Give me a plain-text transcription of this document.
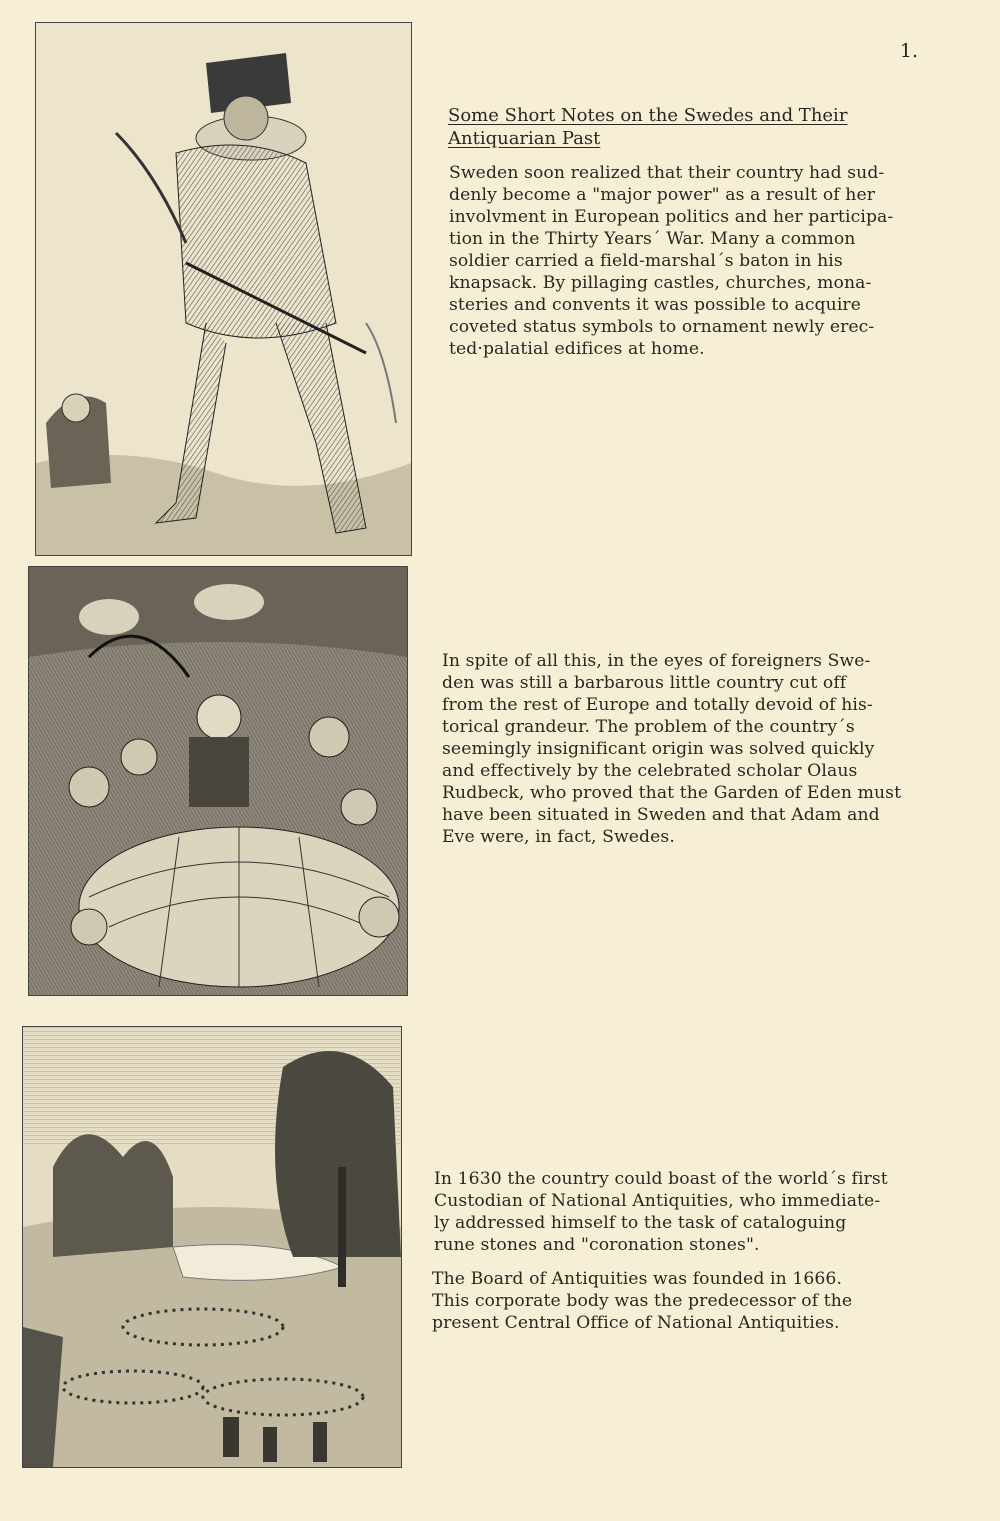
1.
Some Short Notes on the Swedes and Their
Antiquarian Past
Sweden soon realized that their country had sud-
denly become a "major power" as a result of her
involvment in European politics and her participa-
tion in the Thirty Years´ War. Many a common
soldier carried a field-marshal´s baton in his
knapsack. By pillaging castles, churches, mona-
steries and convents it was possible to acquire
coveted status symbols to ornament newly erec-
ted·palatial edifices at home.
In spite of all this, in the eyes of foreigners Swe-
den was still a barbarous little country cut off
from the rest of Europe and totally devoid of his-
torical grandeur. The problem of the country´s
seemingly insignificant origin was solved quickly
and effectively by the celebrated scholar Olaus
Rudbeck, who proved that the Garden of Eden must
have been situated in Sweden and that Adam and
Eve were, in fact, Swedes.
In 1630 the country could boast of the world´s first
Custodian of National Antiquities, who immediate-
ly addressed himself to the task of cataloguing
rune stones and "coronation stones".
The Board of Antiquities was founded in 1666.
This corporate body was the predecessor of the
present Central Office of National Antiquities.
